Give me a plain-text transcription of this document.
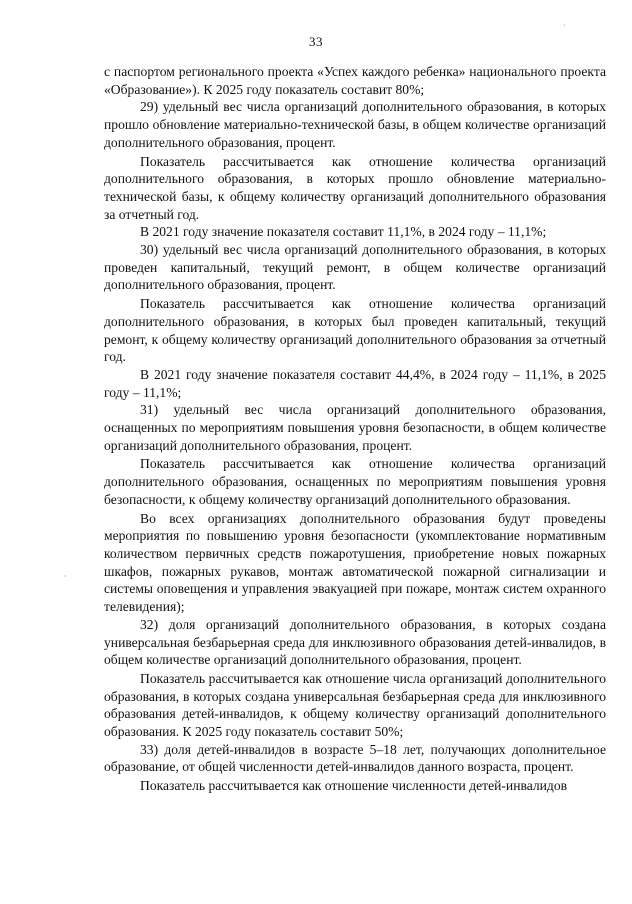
33
·
·

с паспортом регионального проекта «Успех каждого ребенка» национального проекта «Образование»). К 2025 году показатель составит 80%;

29) удельный вес числа организаций дополнительного образования, в которых прошло обновление материально-технической базы, в общем количестве организаций дополнительного образования, процент.

Показатель рассчитывается как отношение количества организаций дополнительного образования, в которых прошло обновление материально-технической базы, к общему количеству организаций дополнительного образования за отчетный год.

В 2021 году значение показателя составит 11,1%, в 2024 году – 11,1%;

30) удельный вес числа организаций дополнительного образования, в которых проведен капитальный, текущий ремонт, в общем количестве организаций дополнительного образования, процент.

Показатель рассчитывается как отношение количества организаций дополнительного образования, в которых был проведен капитальный, текущий ремонт, к общему количеству организаций дополнительного образования за отчетный год.

В 2021 году значение показателя составит 44,4%, в 2024 году – 11,1%, в 2025 году – 11,1%;

31) удельный вес числа организаций дополнительного образования, оснащенных по мероприятиям повышения уровня безопасности, в общем количестве организаций дополнительного образования, процент.

Показатель рассчитывается как отношение количества организаций дополнительного образования, оснащенных по мероприятиям повышения уровня безопасности, к общему количеству организаций дополнительного образования.

Во всех организациях дополнительного образования будут проведены мероприятия по повышению уровня безопасности (укомплектование нормативным количеством первичных средств пожаротушения, приобретение новых пожарных шкафов, пожарных рукавов, монтаж автоматической пожарной сигнализации и системы оповещения и управления эвакуацией при пожаре, монтаж систем охранного телевидения);

32) доля организаций дополнительного образования, в которых создана универсальная безбарьерная среда для инклюзивного образования детей-инвалидов, в общем количестве организаций дополнительного образования, процент.

Показатель рассчитывается как отношение числа организаций дополнительного образования, в которых создана универсальная безбарьерная среда для инклюзивного образования детей-инвалидов, к общему количеству организаций дополнительного образования. К 2025 году показатель составит 50%;

33) доля детей-инвалидов в возрасте 5–18 лет, получающих дополнительное образование, от общей численности детей-инвалидов данного возраста, процент.

Показатель рассчитывается как отношение численности детей-инвалидов
